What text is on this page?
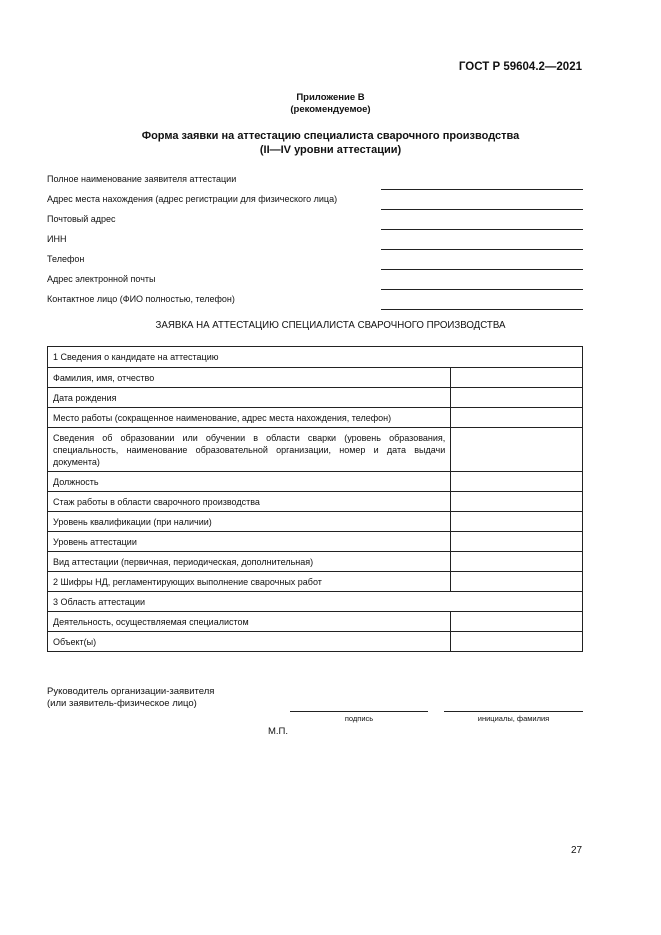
ГОСТ Р 59604.2—2021
Приложение В
(рекомендуемое)
Форма заявки на аттестацию специалиста сварочного производства
(II—IV уровни аттестации)
Полное наименование заявителя аттестации
Адрес места нахождения (адрес регистрации для физического лица)
Почтовый адрес
ИНН
Телефон
Адрес электронной почты
Контактное лицо (ФИО полностью, телефон)
ЗАЯВКА НА АТТЕСТАЦИЮ СПЕЦИАЛИСТА СВАРОЧНОГО ПРОИЗВОДСТВА
1 Сведения о кандидате на аттестацию	
Фамилия, имя, отчество	
Дата рождения	
Место работы (сокращенное наименование, адрес места нахождения, телефон)	
Сведения об образовании или обучении в области сварки (уровень образования, специальность, наименование образовательной организации, номер и дата выдачи документа)	
Должность	
Стаж работы в области сварочного производства	
Уровень квалификации (при наличии)	
Уровень аттестации	
Вид аттестации (первичная, периодическая, дополнительная)	
2 Шифры НД, регламентирующих выполнение сварочных работ	
3 Область аттестации	
Деятельность, осуществляемая специалистом	
Объект(ы)	
Руководитель организации-заявителя
(или заявитель-физическое лицо)
подпись	инициалы, фамилия
М.П.
27
